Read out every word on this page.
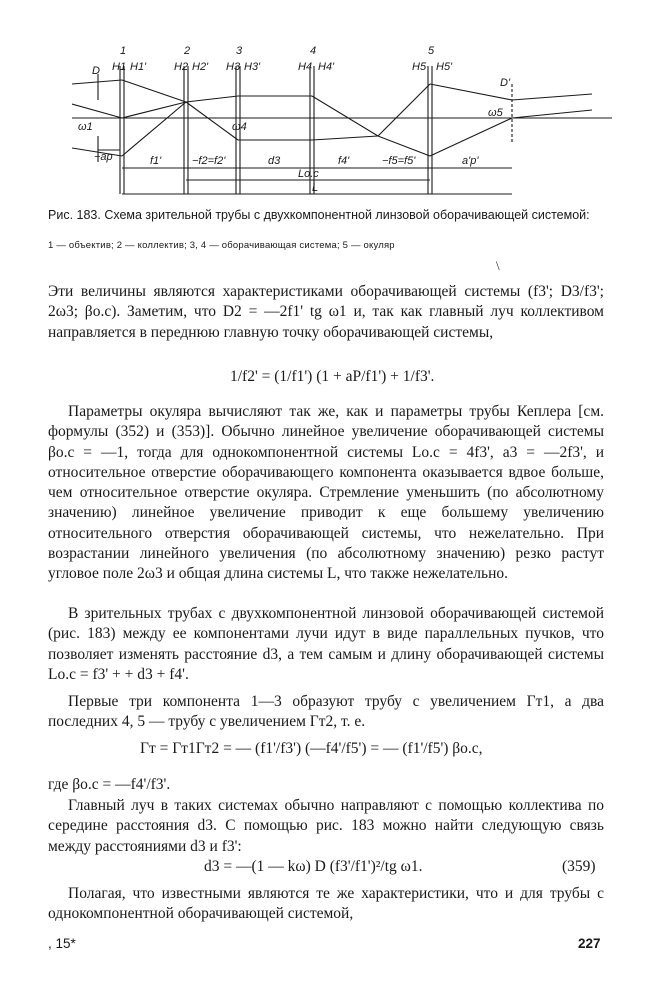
1	2	3	4	5
D H1 H1'	H2 H2' H3 H3'	H4 H4'	H5 H5'
D'
ω1	ω4
ω5
−ap	f1'	−f2=f2'	d3	f4'	−f5=f5'	a'p'
Lo.c
L
Рис. 183. Схема зрительной трубы с двухкомпонентной линзовой оборачивающей системой:
1 — объектив; 2 — коллектив; 3, 4 — оборачивающая система; 5 — окуляр
\

Эти величины являются характеристиками оборачивающей системы (f3'; D3/f3'; 2ω3; βо.с). Заметим, что D2 = —2f1' tg ω1 и, так как главный луч коллективом направляется в переднюю главную точку оборачивающей системы,

1/f2' = (1/f1') (1 + aP/f1') + 1/f3'.

Параметры окуляра вычисляют так же, как и параметры трубы Кеплера [см. формулы (352) и (353)]. Обычно линейное увеличение оборачивающей системы βо.с = —1, тогда для однокомпонентной системы Lо.с = 4f3', a3 = —2f3', и относительное отверстие оборачивающего компонента оказывается вдвое больше, чем относительное отверстие окуляра. Стремление уменьшить (по абсолютному значению) линейное увеличение приводит к еще большему увеличению относительного отверстия оборачивающей системы, что нежелательно. При возрастании линейного увеличения (по абсолютному значению) резко растут угловое поле 2ω3 и общая длина системы L, что также нежелательно.

В зрительных трубах с двухкомпонентной линзовой оборачивающей системой (рис. 183) между ее компонентами лучи идут в виде параллельных пучков, что позволяет изменять расстояние d3, а тем самым и длину оборачивающей системы Lо.с = f3' + + d3 + f4'.

Первые три компонента 1—3 образуют трубу с увеличением Гт1, а два последних 4, 5 — трубу с увеличением Гт2, т. е.

Гт = Гт1Гт2 = — (f1'/f3') (—f4'/f5') = — (f1'/f5') βо.с,
где βо.с = —f4'/f3'.

Главный луч в таких системах обычно направляют с помощью коллектива по середине расстояния d3. С помощью рис. 183 можно найти следующую связь между расстояниями d3 и f3':

d3 = —(1 — kω) D (f3'/f1')²/tg ω1.	(359)

Полагая, что известными являются те же характеристики, что и для трубы с однокомпонентной оборачивающей системой,

, 15*	227
